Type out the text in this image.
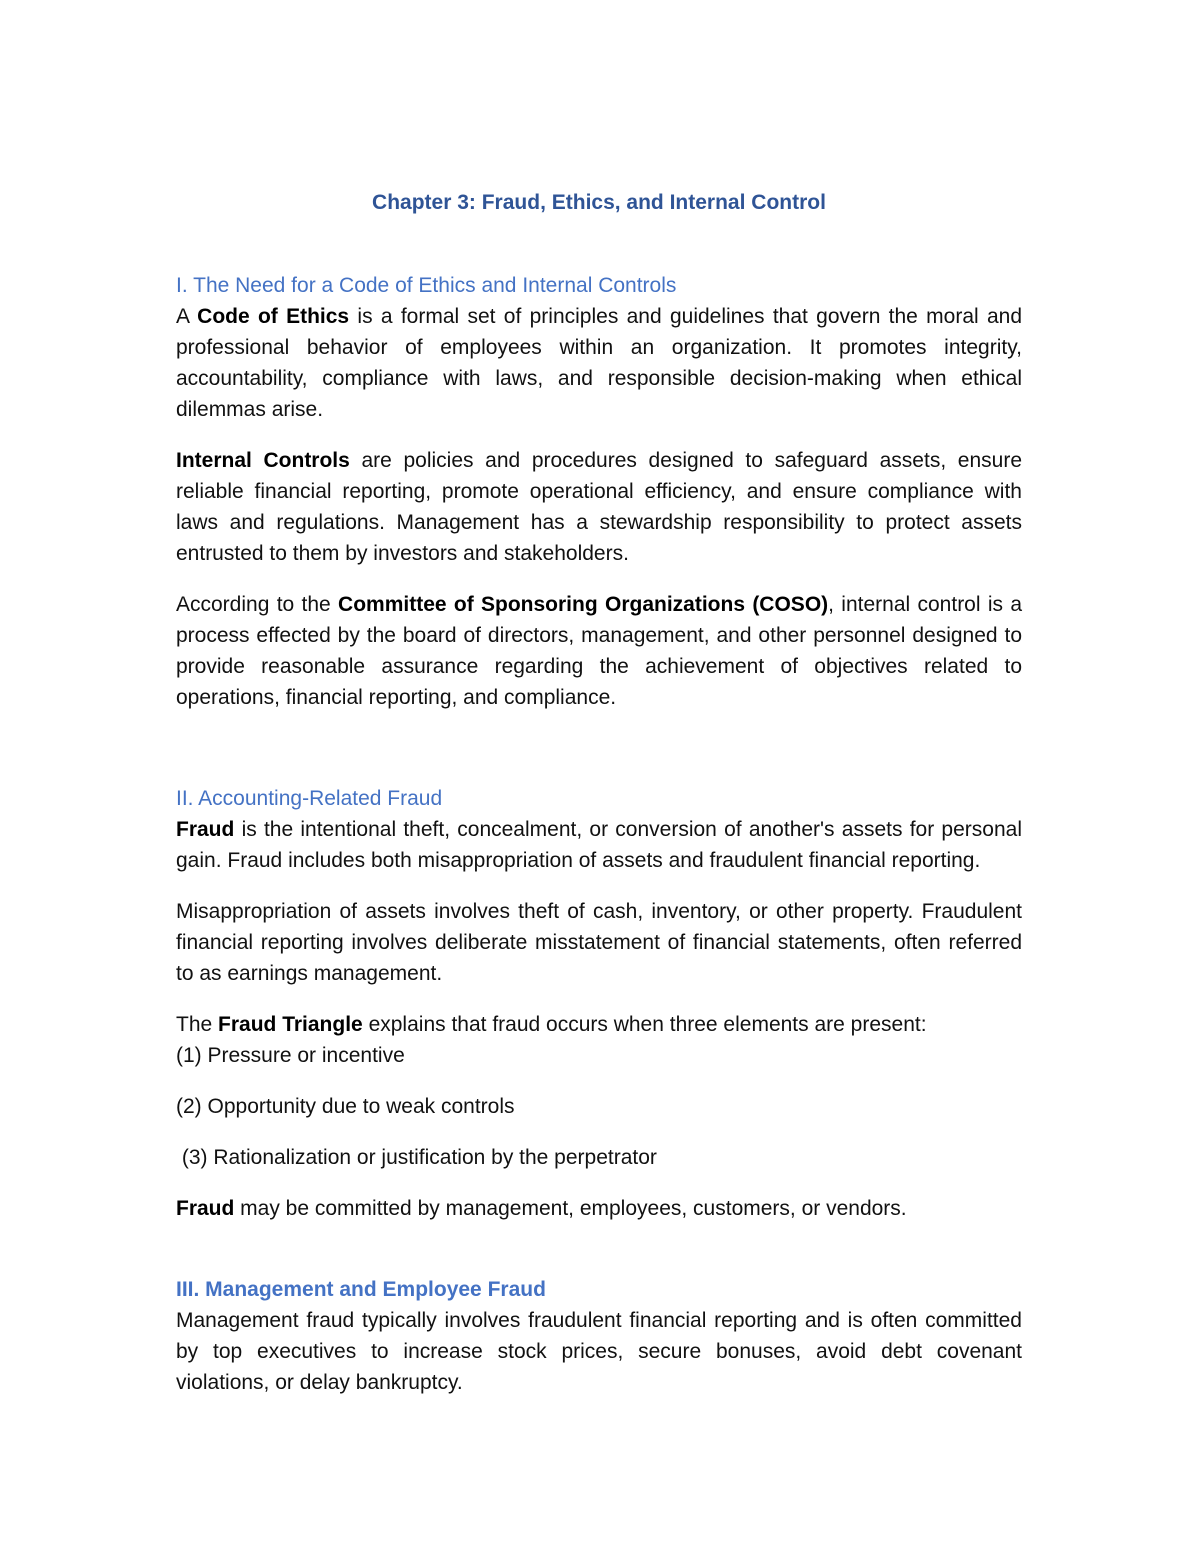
Chapter 3: Fraud, Ethics, and Internal Control
I. The Need for a Code of Ethics and Internal Controls

A Code of Ethics is a formal set of principles and guidelines that govern the moral and professional behavior of employees within an organization. It promotes integrity, accountability, compliance with laws, and responsible decision-making when ethical dilemmas arise.

Internal Controls are policies and procedures designed to safeguard assets, ensure reliable financial reporting, promote operational efficiency, and ensure compliance with laws and regulations. Management has a stewardship responsibility to protect assets entrusted to them by investors and stakeholders.

According to the Committee of Sponsoring Organizations (COSO), internal control is a process effected by the board of directors, management, and other personnel designed to provide reasonable assurance regarding the achievement of objectives related to operations, financial reporting, and compliance.

II. Accounting-Related Fraud

Fraud is the intentional theft, concealment, or conversion of another's assets for personal gain. Fraud includes both misappropriation of assets and fraudulent financial reporting.

Misappropriation of assets involves theft of cash, inventory, or other property. Fraudulent financial reporting involves deliberate misstatement of financial statements, often referred to as earnings management.

The Fraud Triangle explains that fraud occurs when three elements are present:
(1) Pressure or incentive

(2) Opportunity due to weak controls

(3) Rationalization or justification by the perpetrator

Fraud may be committed by management, employees, customers, or vendors.

III. Management and Employee Fraud

Management fraud typically involves fraudulent financial reporting and is often committed by top executives to increase stock prices, secure bonuses, avoid debt covenant violations, or delay bankruptcy.
